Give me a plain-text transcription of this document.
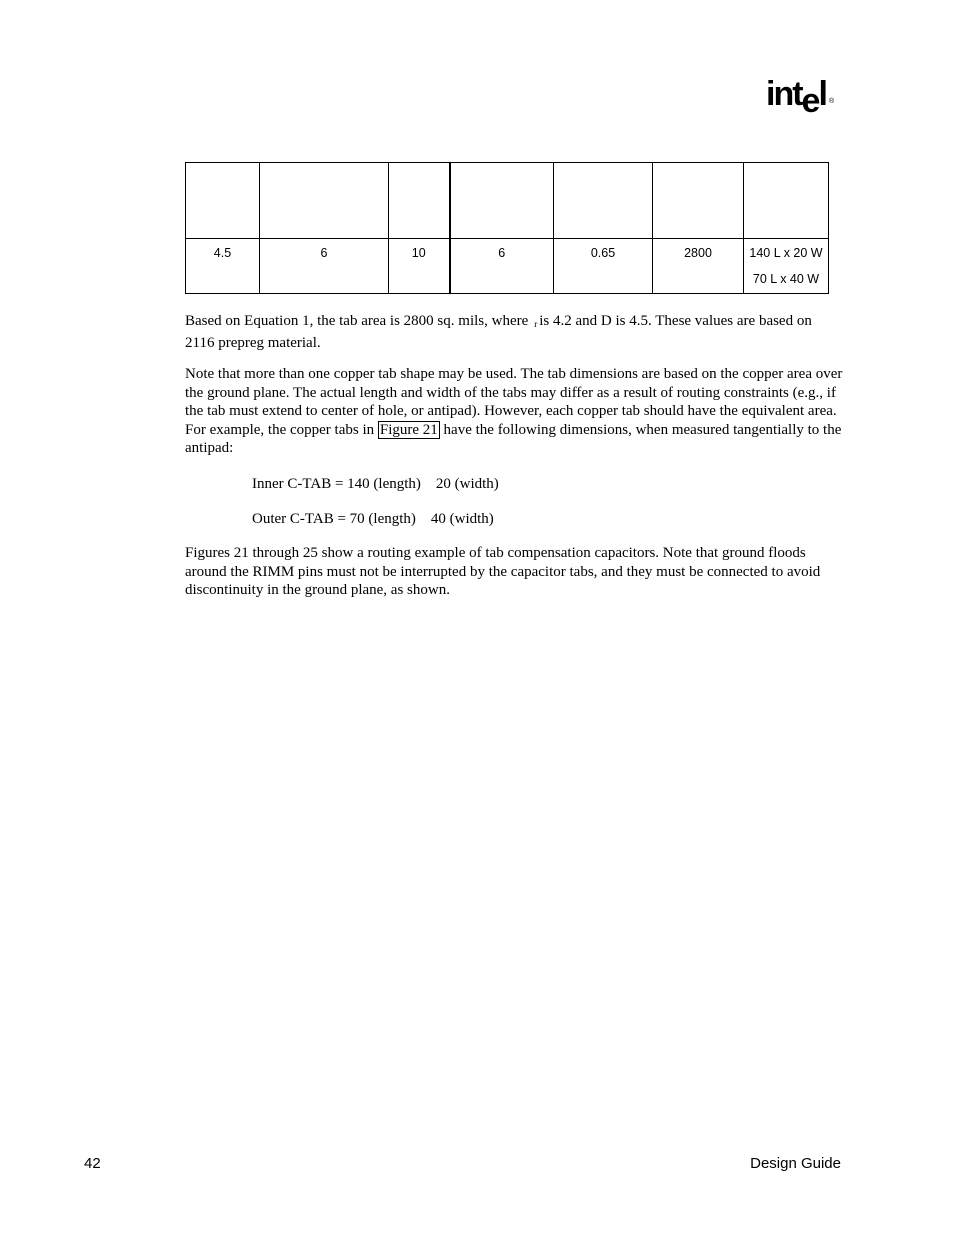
intel ®

4.5	6	10	6	0.65	2800	140 L x 20 W
70 L x 40 W

Based on Equation 1, the tab area is 2800 sq. mils, where $_r$ is 4.2 and D is 4.5. These values are based on 2116 prepreg material.

Note that more than one copper tab shape may be used. The tab dimensions are based on the copper area over the ground plane. The actual length and width of the tabs may differ as a result of routing constraints (e.g., if the tab must extend to center of hole, or antipad). However, each copper tab should have the equivalent area. For example, the copper tabs in Figure 21 have the following dimensions, when measured tangentially to the antipad:

Inner C-TAB = 140 (length)    20 (width)

Outer C-TAB = 70 (length)    40 (width)

Figures 21 through 25 show a routing example of tab compensation capacitors. Note that ground floods around the RIMM pins must not be interrupted by the capacitor tabs, and they must be connected to avoid discontinuity in the ground plane, as shown.

42	Design Guide
